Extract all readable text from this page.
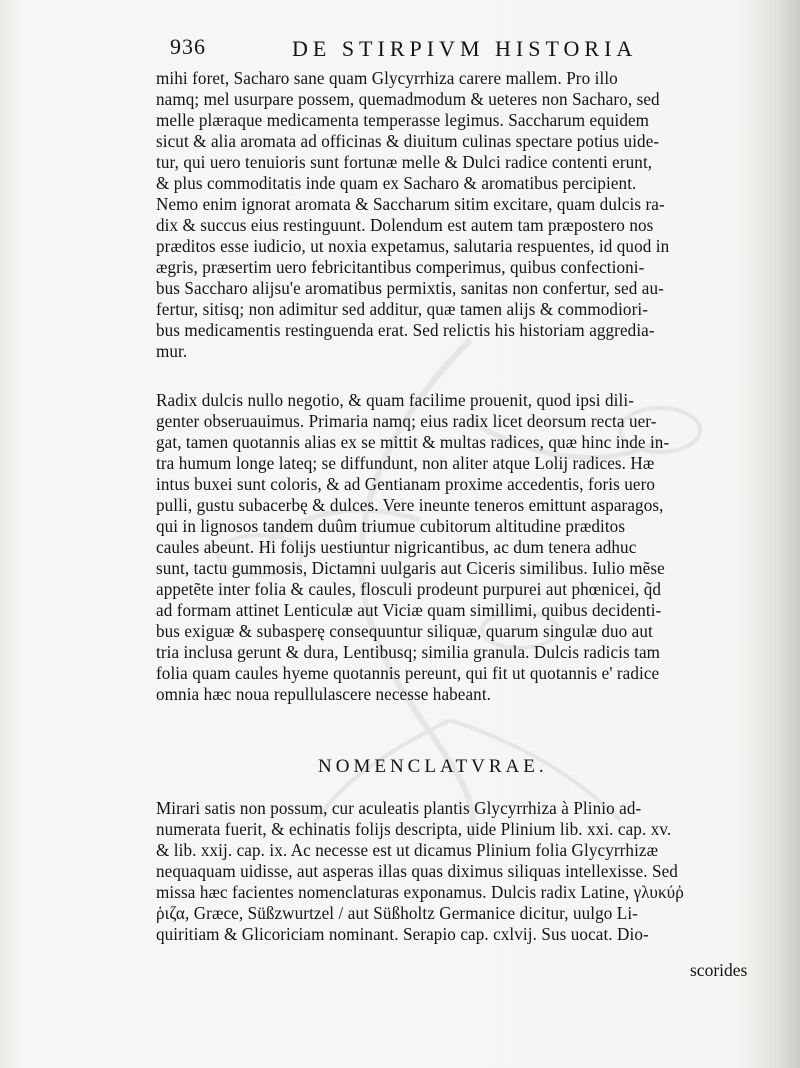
936	DE STIRPIVM HISTORIA
mihi foret, Sacharo sane quam Glycyrrhiza carere mallem. Pro illo
namq; mel usurpare possem, quemadmodum & ueteres non Sacharo, sed
melle plæraque medicamenta temperasse legimus. Saccharum equidem
sicut & alia aromata ad officinas & diuitum culinas spectare potius uide-
tur, qui uero tenuioris sunt fortunæ melle & Dulci radice contenti erunt,
& plus commoditatis inde quam ex Sacharo & aromatibus percipient.
Nemo enim ignorat aromata & Saccharum sitim excitare, quam dulcis ra-
dix & succus eius restinguunt. Dolendum est autem tam præpostero nos
præditos esse iudicio, ut noxia expetamus, salutaria respuentes, id quod in
ægris, præsertim uero febricitantibus comperimus, quibus confectioni-
bus Saccharo alijsu'e aromatibus permixtis, sanitas non confertur, sed au-
fertur, sitisq; non adimitur sed additur, quæ tamen alijs & commodiori-
bus medicamentis restinguenda erat. Sed relictis his historiam aggredia-
mur.
Radix dulcis nullo negotio, & quam facilime prouenit, quod ipsi dili-
genter obseruauimus. Primaria namq; eius radix licet deorsum recta uer-
gat, tamen quotannis alias ex se mittit & multas radices, quæ hinc inde in-
tra humum longe lateq; se diffundunt, non aliter atque Lolij radices. Hæ
intus buxei sunt coloris, & ad Gentianam proxime accedentis, foris uero
pulli, gustu subacerbę & dulces. Vere ineunte teneros emittunt asparagos,
qui in lignosos tandem duûm triumue cubitorum altitudine præditos
caules abeunt. Hi folijs uestiuntur nigricantibus, ac dum tenera adhuc
sunt, tactu gummosis, Dictamni uulgaris aut Ciceris similibus. Iulio mẽse
appetẽte inter folia & caules, flosculi prodeunt purpurei aut phœnicei, q̃d
ad formam attinet Lenticulæ aut Viciæ quam simillimi, quibus decidenti-
bus exiguæ & subasperę consequuntur siliquæ, quarum singulæ duo aut
tria inclusa gerunt & dura, Lentibusq; similia granula. Dulcis radicis tam
folia quam caules hyeme quotannis pereunt, qui fit ut quotannis e' radice
omnia hæc noua repullulascere necesse habeant.
NOMENCLATVRAE.
Mirari satis non possum, cur aculeatis plantis Glycyrrhiza à Plinio ad-
numerata fuerit, & echinatis folijs descripta, uide Plinium lib. xxi. cap. xv.
& lib. xxij. cap. ix. Ac necesse est ut dicamus Plinium folia Glycyrrhizæ
nequaquam uidisse, aut asperas illas quas diximus siliquas intellexisse. Sed
missa hæc facientes nomenclaturas exponamus. Dulcis radix Latine, γλυκύῤ
ῥιζα, Græce, Süßzwurtzel / aut Süßholtz Germanice dicitur, uulgo Li-
quiritiam & Glicoriciam nominant. Serapio cap. cxlvij. Sus uocat. Dio-
scorides
